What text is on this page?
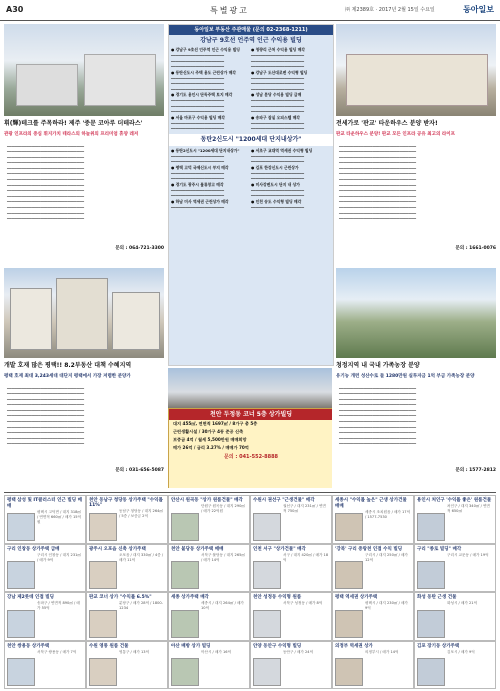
A30	특별광고	㈜ 제2389호 · 2017년 2월 15일 수요일	동아일보

휘(輝)테크를 주목하라! 제주 '중문 코아루 더테라스'

관광 인프라의 중심 휘지가치 테라스의 하늘위의 프리미엄 휴양 레저

━━━━━━━━━━━━━━━━━━━━━━━━━━━━━━━━

━━━━━━━━━━━━━━━━━━━━━━━━━━━━━━━━

━━━━━━━━━━━━━━━━━━━━━━━━━━━━━━━━

━━━━━━━━━━━━━━━━━━━━━━━━━━━━━━━━

━━━━━━━━━━━━━━━━━━━━━━━━━━━━━━━━

━━━━━━━━━━━━━━━━━━━━━━━━━━━━━━━━

━━━━━━━━━━━━━━━━━━━━━━━━━━━━━━━━

━━━━━━━━━━━━━━━━━━━━━━━━━━━━━━━━

━━━━━━━━━━━━━━━━━━━━━━━━━━━━━━━━

━━━━━━━━━━━━━━━━━━━━━━━━━━━━━━━━

━━━━━━━━━━━━━━━━━━━━━━━━━━━━━━━━

━━━━━━━━━━━━━━━━━━━━━━━━━━━━━━━━

━━━━━━━━━━━━━━━━━━━━━━━━━━━━━━━━

━━━━━━━━━━━━━━━━━━━━━━━━━━━━━━━━

문의 : 064-721-3300

동아일보 부동산 주관매물 (문의 02-2368-1211)

강남구 9호선 언주역 인근 수익용 빌딩

● 강남구 9호선 언주역 인근 수익용 빌딩

━━━━━━━━━━━━━━━━━━━━━━

━━━━━━━━━━━━━━━━━━━━━━

━━━━━━━━━━━━━━━━━━━━━━

● 동탄신도시 주택 용도 근린상가 매각

━━━━━━━━━━━━━━━━━━━━━━

━━━━━━━━━━━━━━━━━━━━━━

━━━━━━━━━━━━━━━━━━━━━━

● 경기도 용인시 단독주택 토지 매각

━━━━━━━━━━━━━━━━━━━━━━

━━━━━━━━━━━━━━━━━━━━━━

━━━━━━━━━━━━━━━━━━━━━━

● 서울 마포구 수익용 빌딩 매각

━━━━━━━━━━━━━━━━━━━━━━

━━━━━━━━━━━━━━━━━━━━━━

● 청량리 근처 수익용 빌딩 매각

━━━━━━━━━━━━━━━━━━━━━━

━━━━━━━━━━━━━━━━━━━━━━

━━━━━━━━━━━━━━━━━━━━━━

● 강남구 도산대로변 수익형 빌딩

━━━━━━━━━━━━━━━━━━━━━━

━━━━━━━━━━━━━━━━━━━━━━

━━━━━━━━━━━━━━━━━━━━━━

● 성남 분당 수익용 빌딩 급매

━━━━━━━━━━━━━━━━━━━━━━

━━━━━━━━━━━━━━━━━━━━━━

━━━━━━━━━━━━━━━━━━━━━━

● 송파구 잠실 오피스텔 매각

━━━━━━━━━━━━━━━━━━━━━━

━━━━━━━━━━━━━━━━━━━━━━

동탄2신도시 "1200세대 단지내상가"

● 동탄2신도시 "1200세대 단지내상가"

━━━━━━━━━━━━━━━━━━━━━━

━━━━━━━━━━━━━━━━━━━━━━

● 평택 고덕 국제신도시 부지 매각

━━━━━━━━━━━━━━━━━━━━━━

━━━━━━━━━━━━━━━━━━━━━━

● 경기도 광주시 물류창고 매각

━━━━━━━━━━━━━━━━━━━━━━

━━━━━━━━━━━━━━━━━━━━━━

● 하남 미사 역세권 근린상가 매각

━━━━━━━━━━━━━━━━━━━━━━

● 서초구 교대역 역세권 수익형 빌딩

━━━━━━━━━━━━━━━━━━━━━━

━━━━━━━━━━━━━━━━━━━━━━

● 김포 한강신도시 근린상가

━━━━━━━━━━━━━━━━━━━━━━

━━━━━━━━━━━━━━━━━━━━━━

● 미사강변도시 단지 내 상가

━━━━━━━━━━━━━━━━━━━━━━

━━━━━━━━━━━━━━━━━━━━━━

● 인천 송도 수익형 빌딩 매각

━━━━━━━━━━━━━━━━━━━━━━

전세가로 '판교' 타운하우스 분양 받자!

판교 타운하우스 분양! 판교 모든 인프라 공유 최고의 라이프

━━━━━━━━━━━━━━━━━━━━━━━━━━━━━━━━

━━━━━━━━━━━━━━━━━━━━━━━━━━━━━━━━

━━━━━━━━━━━━━━━━━━━━━━━━━━━━━━━━

━━━━━━━━━━━━━━━━━━━━━━━━━━━━━━━━

━━━━━━━━━━━━━━━━━━━━━━━━━━━━━━━━

━━━━━━━━━━━━━━━━━━━━━━━━━━━━━━━━

━━━━━━━━━━━━━━━━━━━━━━━━━━━━━━━━

━━━━━━━━━━━━━━━━━━━━━━━━━━━━━━━━

━━━━━━━━━━━━━━━━━━━━━━━━━━━━━━━━

━━━━━━━━━━━━━━━━━━━━━━━━━━━━━━━━

━━━━━━━━━━━━━━━━━━━━━━━━━━━━━━━━

━━━━━━━━━━━━━━━━━━━━━━━━━━━━━━━━

━━━━━━━━━━━━━━━━━━━━━━━━━━━━━━━━

━━━━━━━━━━━━━━━━━━━━━━━━━━━━━━━━

문의 : 1661-0076

개발 호재 많은 평택!! 8.2부동산 대책 수혜지역

평택 호재 최대 3,243세대 대단지 평택에서 가장 저렴한 분양가

━━━━━━━━━━━━━━━━━━━━━━━━━━━━━━━━

━━━━━━━━━━━━━━━━━━━━━━━━━━━━━━━━

━━━━━━━━━━━━━━━━━━━━━━━━━━━━━━━━

━━━━━━━━━━━━━━━━━━━━━━━━━━━━━━━━

━━━━━━━━━━━━━━━━━━━━━━━━━━━━━━━━

━━━━━━━━━━━━━━━━━━━━━━━━━━━━━━━━

━━━━━━━━━━━━━━━━━━━━━━━━━━━━━━━━

━━━━━━━━━━━━━━━━━━━━━━━━━━━━━━━━

━━━━━━━━━━━━━━━━━━━━━━━━━━━━━━━━

━━━━━━━━━━━━━━━━━━━━━━━━━━━━━━━━

━━━━━━━━━━━━━━━━━━━━━━━━━━━━━━━━

문의 : 031-656-5087

천안 두정동 코너 5층 상가빌딩

대지 455㎡, 연면적 1697㎡ / 8가구 총 5층

근린생활시설 / 30가구 4동 준공 신축

보증금 4억 / 월세 5,500만원 매매희망

매가 26억 / 금리 3.27% / 매매가 70억

문의 : 041-552-8888

청정지역 내 국내 가족농장 분양

유기농 개런 성산수로 들 1280만원 실투자금 1억 부금 가족농장 분양

━━━━━━━━━━━━━━━━━━━━━━━━━━━━━━━━

━━━━━━━━━━━━━━━━━━━━━━━━━━━━━━━━

━━━━━━━━━━━━━━━━━━━━━━━━━━━━━━━━

━━━━━━━━━━━━━━━━━━━━━━━━━━━━━━━━

━━━━━━━━━━━━━━━━━━━━━━━━━━━━━━━━

━━━━━━━━━━━━━━━━━━━━━━━━━━━━━━━━

━━━━━━━━━━━━━━━━━━━━━━━━━━━━━━━━

━━━━━━━━━━━━━━━━━━━━━━━━━━━━━━━━

━━━━━━━━━━━━━━━━━━━━━━━━━━━━━━━━

━━━━━━━━━━━━━━━━━━━━━━━━━━━━━━━━

━━━━━━━━━━━━━━━━━━━━━━━━━━━━━━━━

문의 : 1577-2812

평택 삼성 및 IT클러스터 인근 빌딩 매매
평택시 고덕면 / 대지 318㎡ / 연면적 660㎡ / 매가 15억원
천안 동남구 청당동 상가주택 "수익률 11%"
동남구 청당동 / 대지 264㎡ / 5층 / 보증금 2억
안산시 원곡동 "상가 원룸건물" 매각
단원구 원곡동 / 대지 290㎡ / 매가 22억원
수원시 권선구 "근생건물" 매각
권선구 / 대지 231㎡ / 연면적 750㎡
세종시 "수익률 높은" 근생 상가건물 매매
세종시 조치원읍 / 매가 17억 / 1577-7530
용인시 처인구 '수익률 좋은' 원룸건물
처인구 / 대지 340㎡ / 연면적 650㎡
구리 인창동 상가주택 급매
구리시 인창동 / 대지 231㎡ / 매가 9억
광주시 오포읍 신축 상가주택
오포읍 / 대지 330㎡ / 4층 / 매가 11억
천안 불당동 상가주택 매매
서북구 불당동 / 대지 265㎡ / 매가 14억
인천 서구 "상가건물" 매각
서구 / 대지 420㎡ / 매가 18억
'강북' 구리 중랑천 인접 수익 빌딩
구리시 / 대지 250㎡ / 매가 12억
구리 "종로 빌딩" 매각
구리시 교문동 / 매가 19억
강남 제2롯데 인접 빌딩
송파구 / 연면적 890㎡ / 매가 55억
판교 코너 상가 "수익률 6.5%"
분당구 / 매가 28억 / 1800-1234
세종 상가주택 매각
세종시 / 대지 264㎡ / 매가 10억
천안 성정동 수익형 원룸
서북구 성정동 / 매가 8억
평택 역세권 상가주택
평택시 / 대지 230㎡ / 매가 9억
화성 동탄 근생 건물
화성시 / 매가 21억
천안 쌍용동 상가주택
서북구 쌍용동 / 매가 7억
수원 영통 원룸 건물
영통구 / 매가 13억
아산 배방 상가 빌딩
아산시 / 매가 16억
안양 동안구 수익형 빌딩
동안구 / 매가 24억
의정부 역세권 상가
의정부시 / 매가 14억
김포 장기동 상가주택
김포시 / 매가 9억
